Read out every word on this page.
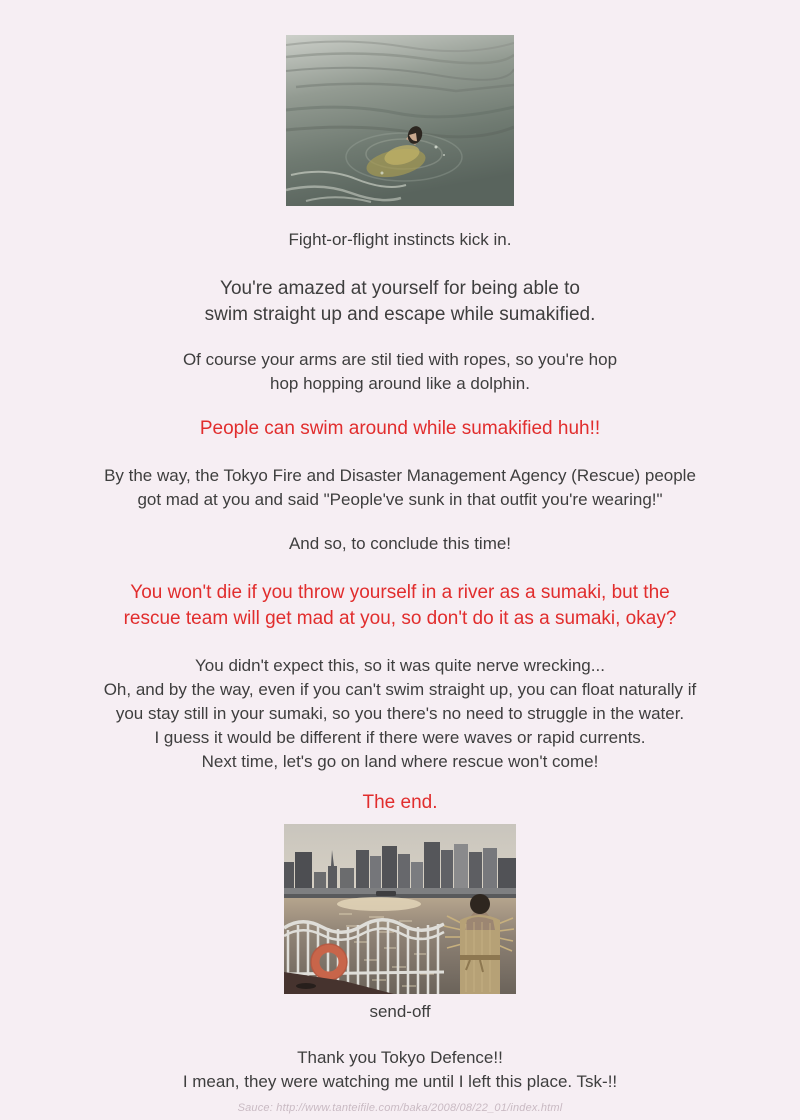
Fight-or-flight instincts kick in.

You're amazed at yourself for being able to
swim straight up and escape while sumakified.

Of course your arms are stil tied with ropes, so you're hop
hop hopping around like a dolphin.

People can swim around while sumakified huh!!

By the way, the Tokyo Fire and Disaster Management Agency (Rescue) people
got mad at you and said "People've sunk in that outfit you're wearing!"

And so, to conclude this time!

You won't die if you throw yourself in a river as a sumaki, but the
rescue team will get mad at you, so don't do it as a sumaki, okay?

You didn't expect this, so it was quite nerve wrecking...
Oh, and by the way, even if you can't swim straight up, you can float naturally if
you stay still in your sumaki, so you there's no need to struggle in the water.
I guess it would be different if there were waves or rapid currents.
Next time, let's go on land where rescue won't come!

The end.

send-off

Thank you Tokyo Defence!!
I mean, they were watching me until I left this place. Tsk-!!

Sauce: http://www.tanteifile.com/baka/2008/08/22_01/index.html
